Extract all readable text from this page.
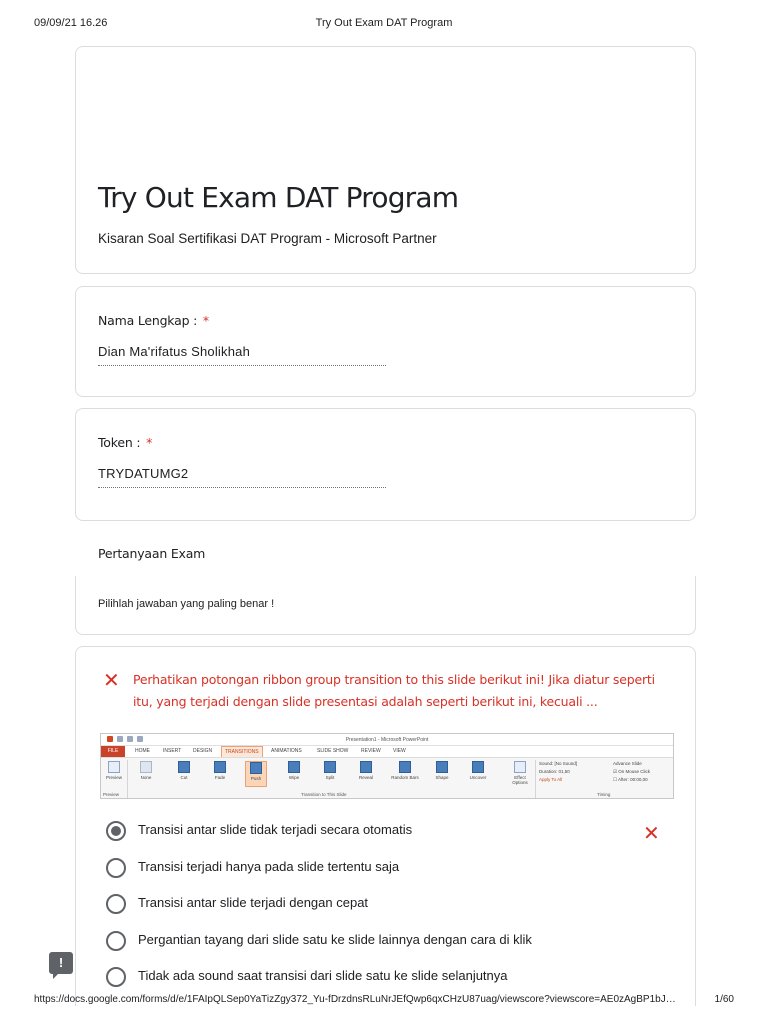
09/09/21 16.26	Try Out Exam DAT Program
Try Out Exam DAT Program
Kisaran Soal Sertifikasi DAT Program - Microsoft Partner
Nama Lengkap : *
Dian Ma'rifatus Sholikhah
Token : *
TRYDATUMG2
Pertanyaan Exam
Pilihlah jawaban yang paling benar !
✕ Perhatikan potongan ribbon group transition to this slide berikut ini! Jika diatur seperti itu, yang terjadi dengan slide presentasi adalah seperti berikut ini, kecuali ...
Presentation1 - Microsoft PowerPoint
FILE	HOME	INSERT DESIGN	TRANSITIONS	ANIMATIONS	SLIDE SHOW	REVIEW VIEW
Preview	None	Cut	Fade	Push	Wipe	Split	Reveal	Random Bars	Shape	Uncover	Effect Options
Sound: [No Sound]
Duration: 01,50
Apply To All
Advance Slide
☑ On Mouse Click
☐ After: 00:00,00
Preview	Transition to This Slide	Timing
Transisi antar slide tidak terjadi secara otomatis	✕
Transisi terjadi hanya pada slide tertentu saja
Transisi antar slide terjadi dengan cepat
Pergantian tayang dari slide satu ke slide lainnya dengan cara di klik
Tidak ada sound saat transisi dari slide satu ke slide selanjutnya
!
https://docs.google.com/forms/d/e/1FAIpQLSep0YaTizZgy372_Yu-fDrzdnsRLuNrJEfQwp6qxCHzU87uag/viewscore?viewscore=AE0zAgBP1bJ…	1/60
